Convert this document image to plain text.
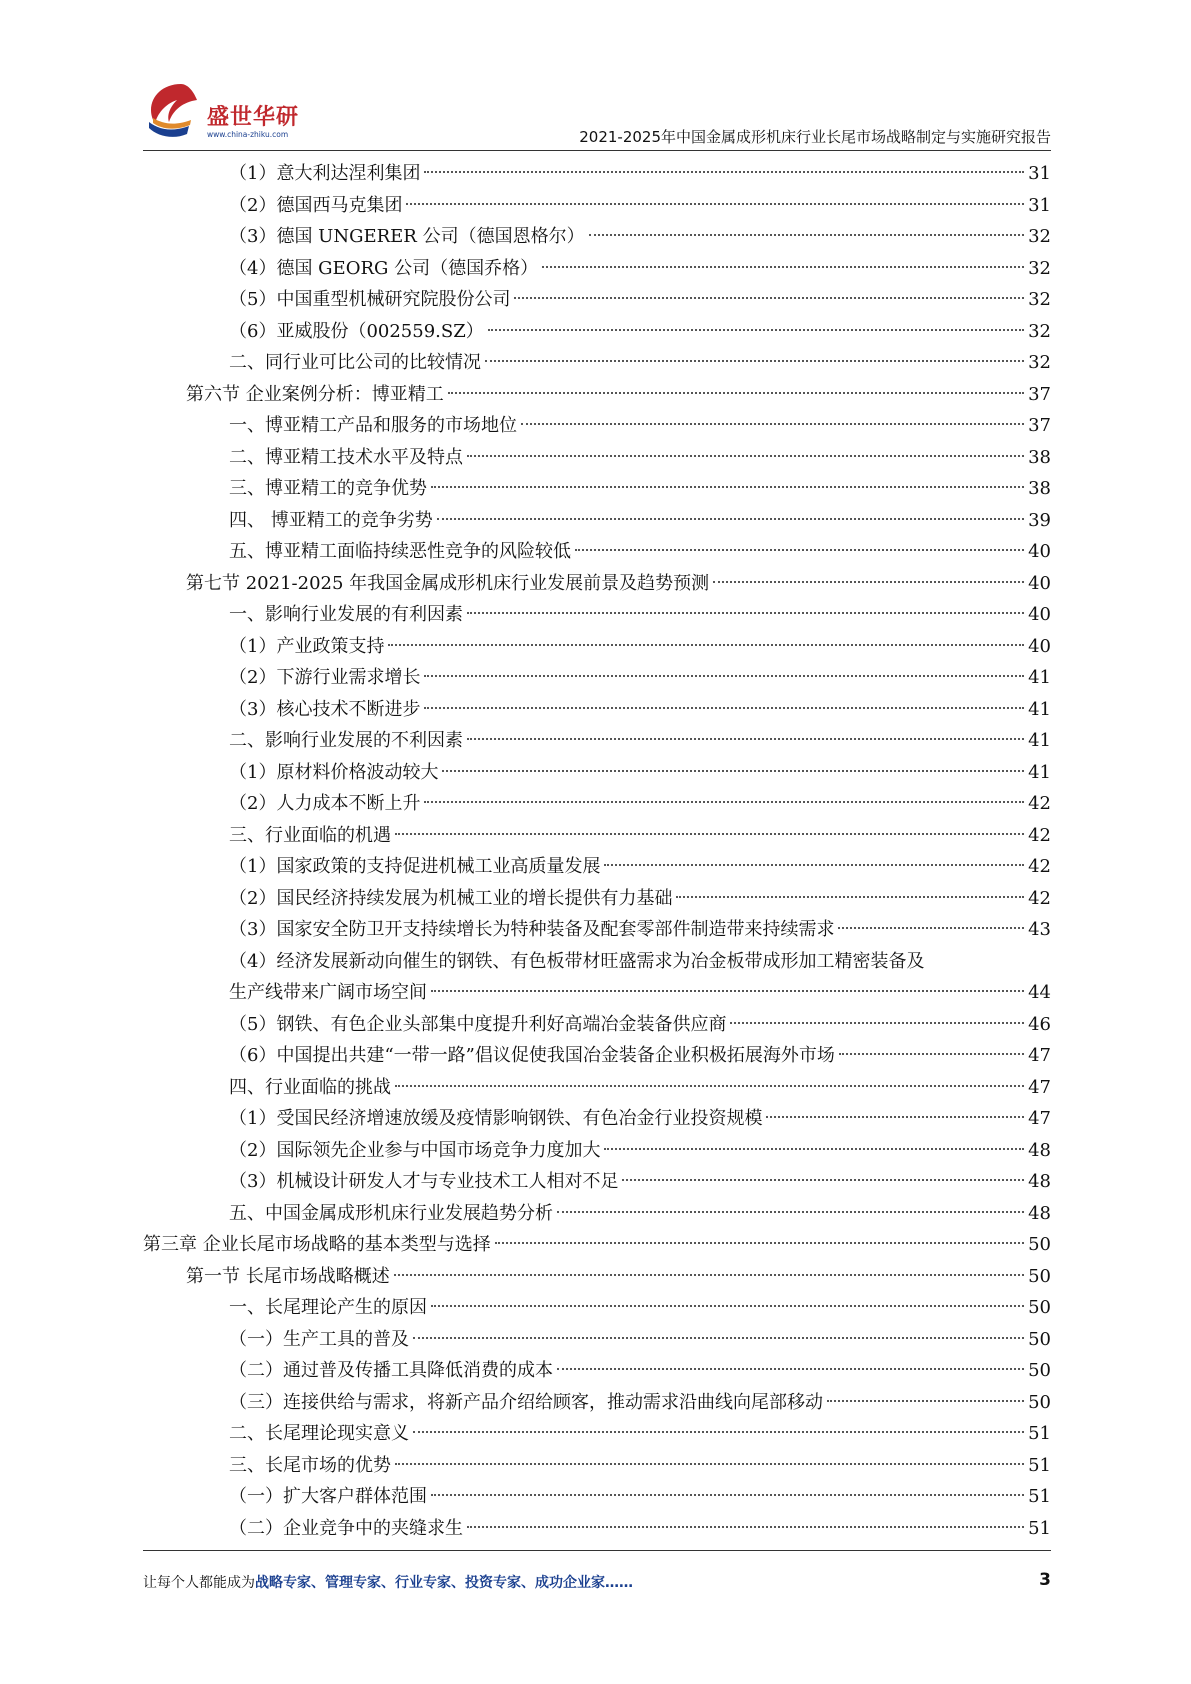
盛世华研
www.china-zhiku.com	2021-2025年中国金属成形机床行业长尾市场战略制定与实施研究报告
（1）意大利达涅利集团	31
（2）德国西马克集团	31
（3）德国 UNGERER 公司（德国恩格尔）	32
（4）德国 GEORG 公司（德国乔格）	32
（5）中国重型机械研究院股份公司	32
（6）亚威股份（002559.SZ）	32
二、同行业可比公司的比较情况	32
第六节 企业案例分析：博亚精工	37
一、博亚精工产品和服务的市场地位	37
二、博亚精工技术水平及特点	38
三、博亚精工的竞争优势	38
四、 博亚精工的竞争劣势	39
五、博亚精工面临持续恶性竞争的风险较低	40
第七节 2021-2025 年我国金属成形机床行业发展前景及趋势预测	40
一、影响行业发展的有利因素	40
（1）产业政策支持	40
（2）下游行业需求增长	41
（3）核心技术不断进步	41
二、影响行业发展的不利因素	41
（1）原材料价格波动较大	41
（2）人力成本不断上升	42
三、行业面临的机遇	42
（1）国家政策的支持促进机械工业高质量发展	42
（2）国民经济持续发展为机械工业的增长提供有力基础	42
（3）国家安全防卫开支持续增长为特种装备及配套零部件制造带来持续需求	43
（4）经济发展新动向催生的钢铁、有色板带材旺盛需求为冶金板带成形加工精密装备及
生产线带来广阔市场空间	44
（5）钢铁、有色企业头部集中度提升利好高端冶金装备供应商	46
（6）中国提出共建“一带一路”倡议促使我国冶金装备企业积极拓展海外市场	47
四、行业面临的挑战	47
（1）受国民经济增速放缓及疫情影响钢铁、有色冶金行业投资规模	47
（2）国际领先企业参与中国市场竞争力度加大	48
（3）机械设计研发人才与专业技术工人相对不足	48
五、中国金属成形机床行业发展趋势分析	48
第三章 企业长尾市场战略的基本类型与选择	50
第一节 长尾市场战略概述	50
一、长尾理论产生的原因	50
（一）生产工具的普及	50
（二）通过普及传播工具降低消费的成本	50
（三）连接供给与需求，将新产品介绍给顾客，推动需求沿曲线向尾部移动	50
二、长尾理论现实意义	51
三、长尾市场的优势	51
（一）扩大客户群体范围	51
（二）企业竞争中的夹缝求生	51
让每个人都能成为战略专家、管理专家、行业专家、投资专家、成功企业家……	3
